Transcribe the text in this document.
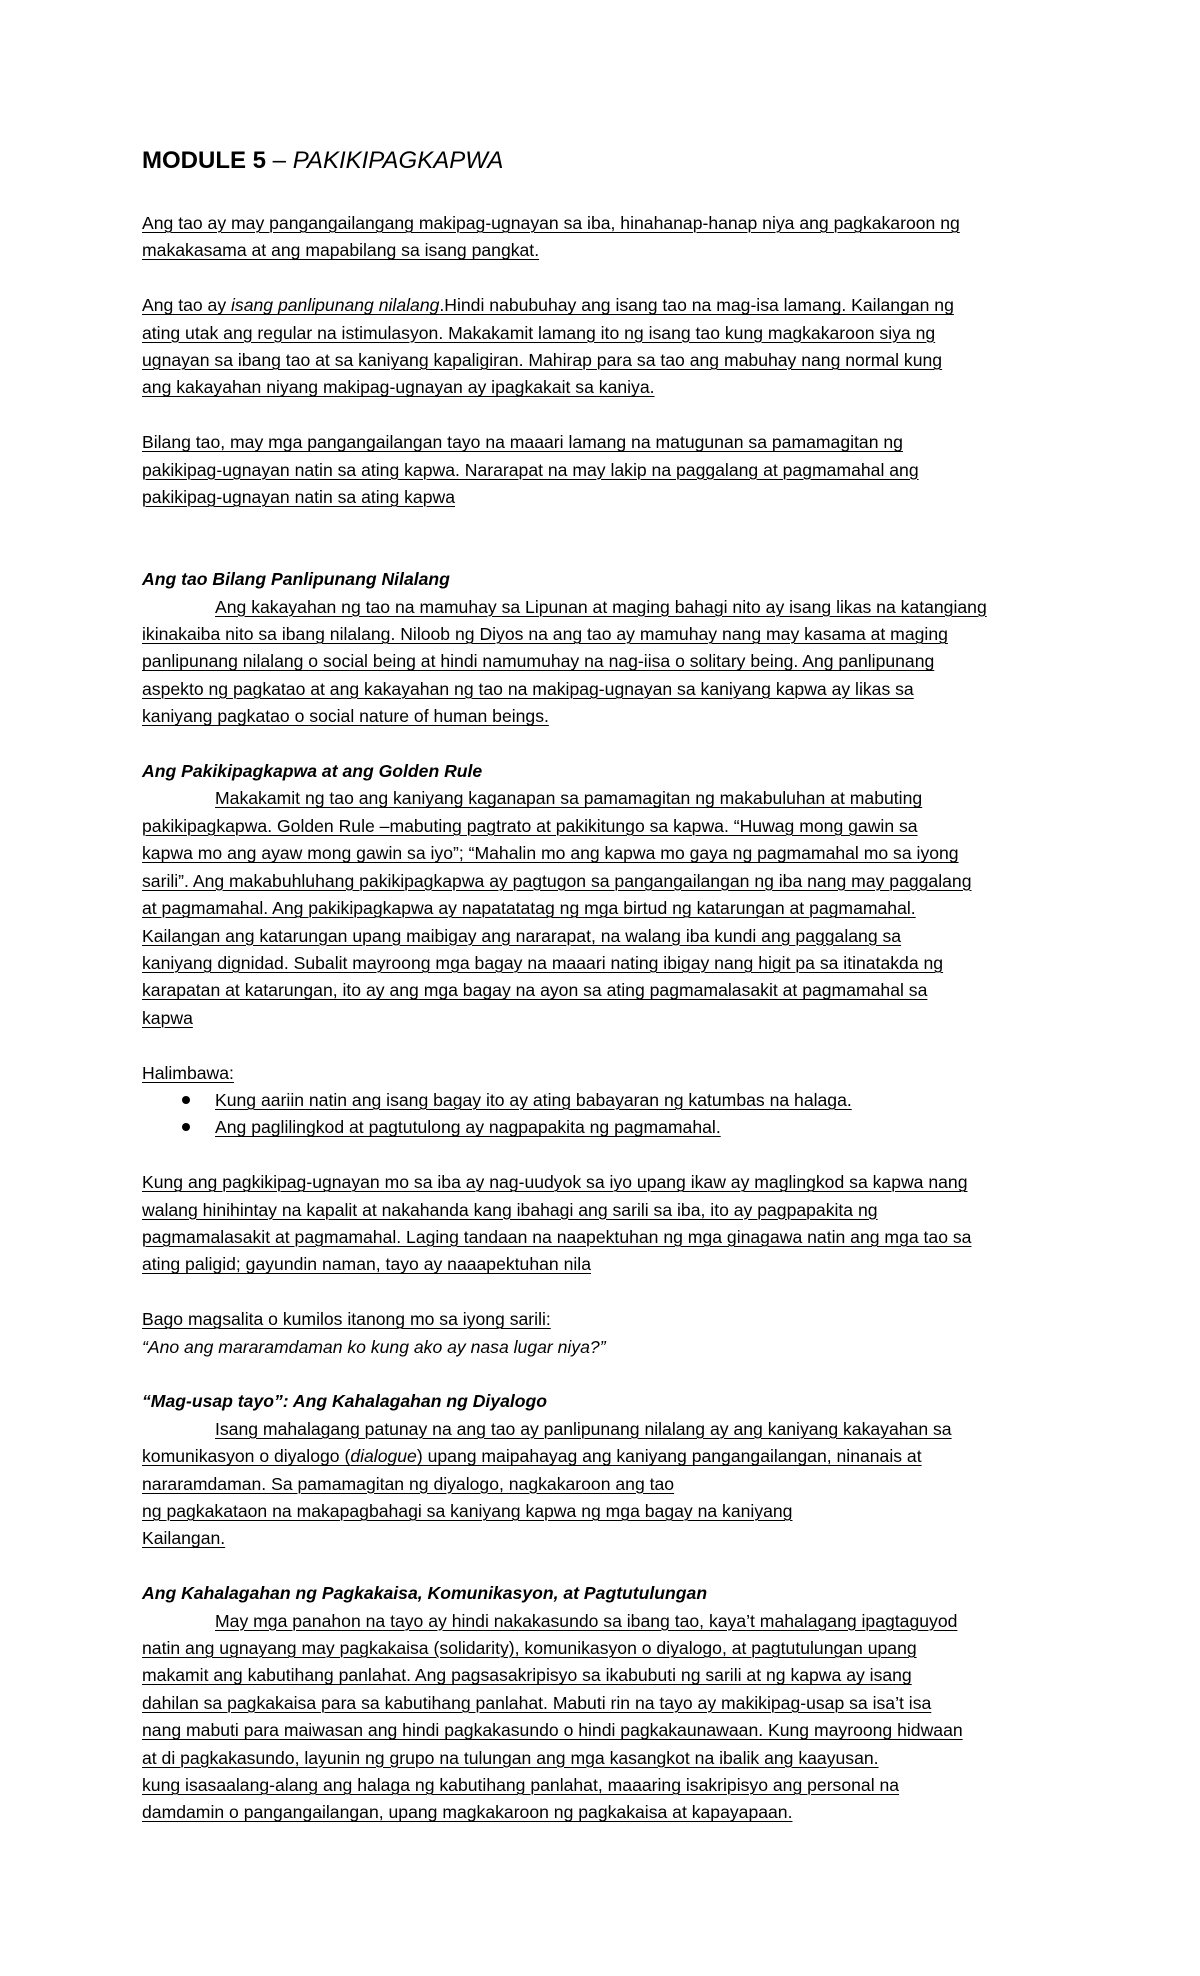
MODULE 5 – PAKIKIPAGKAPWA
Ang tao ay may pangangailangang makipag-ugnayan sa iba, hinahanap-hanap niya ang pagkakaroon ng
makakasama at ang mapabilang sa isang pangkat.
Ang tao ay isang panlipunang nilalang.Hindi nabubuhay ang isang tao na mag-isa lamang. Kailangan ng
ating utak ang regular na istimulasyon. Makakamit lamang ito ng isang tao kung magkakaroon siya ng
ugnayan sa ibang tao at sa kaniyang kapaligiran. Mahirap para sa tao ang mabuhay nang normal kung
ang kakayahan niyang makipag-ugnayan ay ipagkakait sa kaniya.
Bilang tao, may mga pangangailangan tayo na maaari lamang na matugunan sa pamamagitan ng
pakikipag-ugnayan natin sa ating kapwa. Nararapat na may lakip na paggalang at pagmamahal ang
pakikipag-ugnayan natin sa ating kapwa
Ang tao Bilang Panlipunang Nilalang
Ang kakayahan ng tao na mamuhay sa Lipunan at maging bahagi nito ay isang likas na katangiang
ikinakaiba nito sa ibang nilalang. Niloob ng Diyos na ang tao ay mamuhay nang may kasama at maging
panlipunang nilalang o social being at hindi namumuhay na nag-iisa o solitary being. Ang panlipunang
aspekto ng pagkatao at ang kakayahan ng tao na makipag-ugnayan sa kaniyang kapwa ay likas sa
kaniyang pagkatao o social nature of human beings.
Ang Pakikipagkapwa at ang Golden Rule
Makakamit ng tao ang kaniyang kaganapan sa pamamagitan ng makabuluhan at mabuting
pakikipagkapwa. Golden Rule –mabuting pagtrato at pakikitungo sa kapwa. “Huwag mong gawin sa
kapwa mo ang ayaw mong gawin sa iyo”; “Mahalin mo ang kapwa mo gaya ng pagmamahal mo sa iyong
sarili”. Ang makabuhluhang pakikipagkapwa ay pagtugon sa pangangailangan ng iba nang may paggalang
at pagmamahal. Ang pakikipagkapwa ay napatatatag ng mga birtud ng katarungan at pagmamahal.
Kailangan ang katarungan upang maibigay ang nararapat, na walang iba kundi ang paggalang sa
kaniyang dignidad. Subalit mayroong mga bagay na maaari nating ibigay nang higit pa sa itinatakda ng
karapatan at katarungan, ito ay ang mga bagay na ayon sa ating pagmamalasakit at pagmamahal sa
kapwa
Halimbawa:
Kung aariin natin ang isang bagay ito ay ating babayaran ng katumbas na halaga.
Ang paglilingkod at pagtutulong ay nagpapakita ng pagmamahal.
Kung ang pagkikipag-ugnayan mo sa iba ay nag-uudyok sa iyo upang ikaw ay maglingkod sa kapwa nang
walang hinihintay na kapalit at nakahanda kang ibahagi ang sarili sa iba, ito ay pagpapakita ng
pagmamalasakit at pagmamahal. Laging tandaan na naapektuhan ng mga ginagawa natin ang mga tao sa
ating paligid; gayundin naman, tayo ay naaapektuhan nila
Bago magsalita o kumilos itanong mo sa iyong sarili:
“Ano ang mararamdaman ko kung ako ay nasa lugar niya?”
“Mag-usap tayo”: Ang Kahalagahan ng Diyalogo
Isang mahalagang patunay na ang tao ay panlipunang nilalang ay ang kaniyang kakayahan sa
komunikasyon o diyalogo (dialogue) upang maipahayag ang kaniyang pangangailangan, ninanais at
nararamdaman. Sa pamamagitan ng diyalogo, nagkakaroon ang tao
ng pagkakataon na makapagbahagi sa kaniyang kapwa ng mga bagay na kaniyang
Kailangan.
Ang Kahalagahan ng Pagkakaisa, Komunikasyon, at Pagtutulungan
May mga panahon na tayo ay hindi nakakasundo sa ibang tao, kaya’t mahalagang ipagtaguyod
natin ang ugnayang may pagkakaisa (solidarity), komunikasyon o diyalogo, at pagtutulungan upang
makamit ang kabutihang panlahat. Ang pagsasakripisyo sa ikabubuti ng sarili at ng kapwa ay isang
dahilan sa pagkakaisa para sa kabutihang panlahat. Mabuti rin na tayo ay makikipag-usap sa isa’t isa
nang mabuti para maiwasan ang hindi pagkakasundo o hindi pagkakaunawaan. Kung mayroong hidwaan
at di pagkakasundo, layunin ng grupo na tulungan ang mga kasangkot na ibalik ang kaayusan.
kung isasaalang-alang ang halaga ng kabutihang panlahat, maaaring isakripisyo ang personal na
damdamin o pangangailangan, upang magkakaroon ng pagkakaisa at kapayapaan.
